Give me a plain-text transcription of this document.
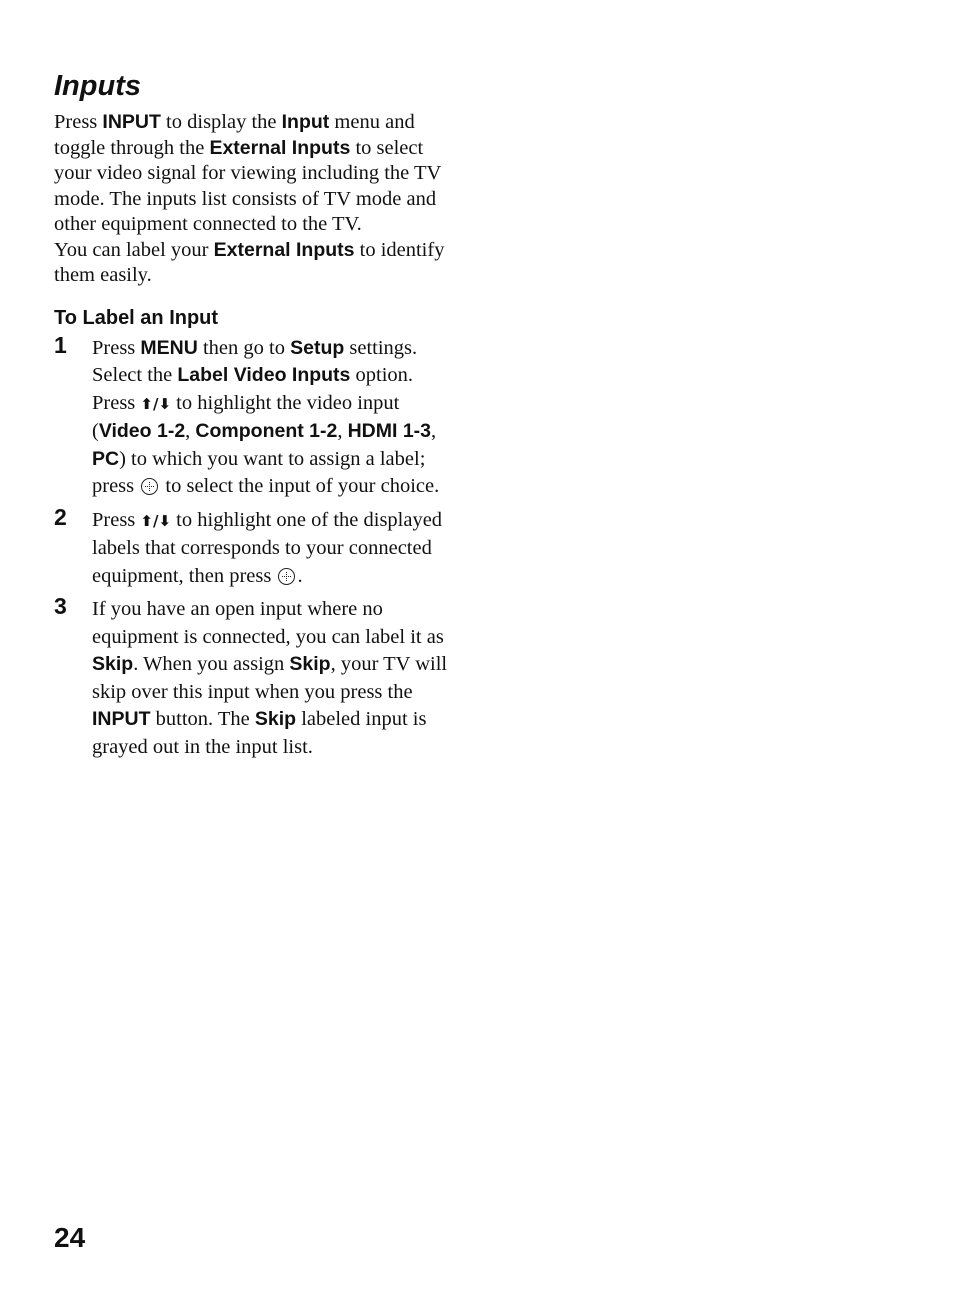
Inputs

Press INPUT to display the Input menu and toggle through the External Inputs to select your video signal for viewing including the TV mode. The inputs list consists of TV mode and other equipment connected to the TV.

You can label your External Inputs to identify them easily.

To Label an Input
1 Press MENU then go to Setup settings. Select the Label Video Inputs option. Press ⬆/⬇ to highlight the video input (Video 1-2, Component 1-2, HDMI 1-3, PC) to which you want to assign a label; press  to select the input of your choice.
2 Press ⬆/⬇ to highlight one of the displayed labels that corresponds to your connected equipment, then press .
3 If you have an open input where no equipment is connected, you can label it as Skip. When you assign Skip, your TV will skip over this input when you press the INPUT button. The Skip labeled input is grayed out in the input list.
24
